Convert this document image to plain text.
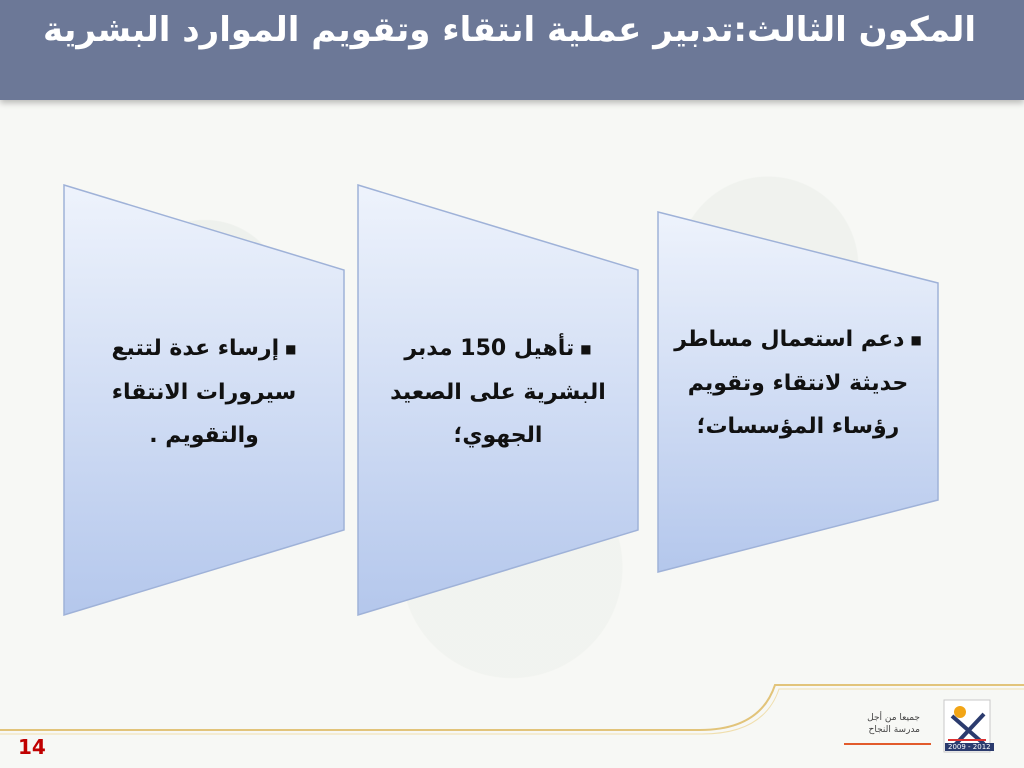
المكون الثالث:تدبير عملية انتقاء وتقويم الموارد البشرية
■إرساء عدة لتتبع
سيرورات الانتقاء
والتقويم .
■تأهيل 150 مدبر
البشرية على الصعيد
الجهوي؛
■دعم استعمال مساطر
حديثة لانتقاء وتقويم
رؤساء المؤسسات؛
14
جميعا من أجل
مدرسة النجاح
2009 - 2012
